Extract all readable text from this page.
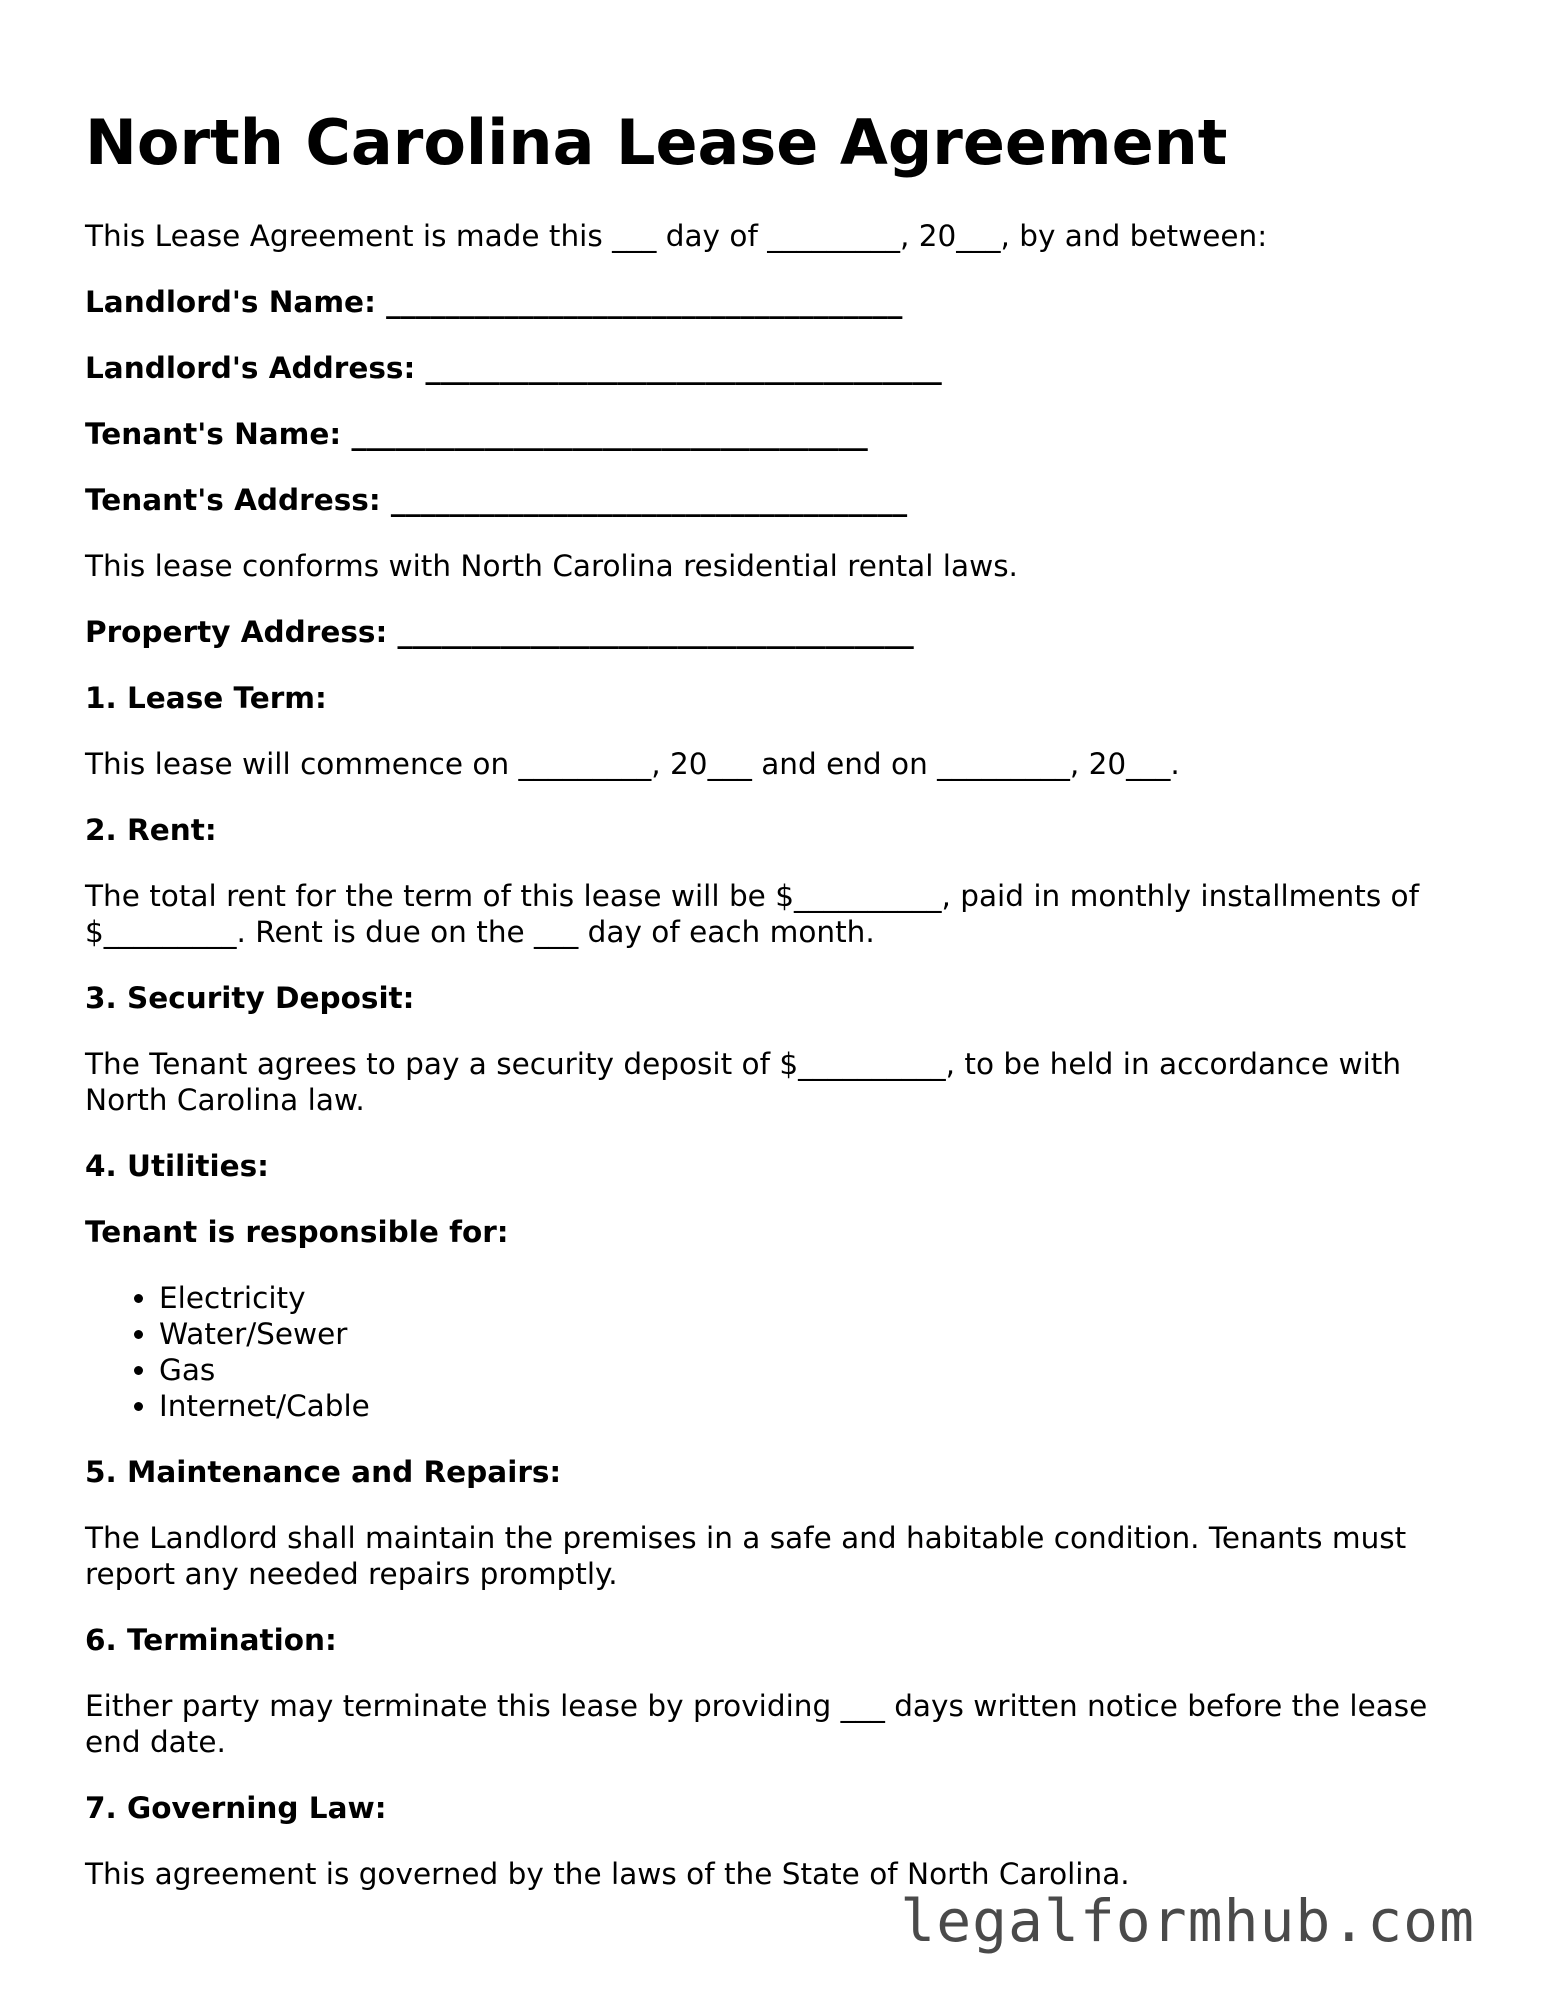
North Carolina Lease Agreement

This Lease Agreement is made this ___ day of _________, 20___, by and between:

Landlord's Name: ___________________________________

Landlord's Address: ___________________________________

Tenant's Name: ___________________________________

Tenant's Address: ___________________________________

This lease conforms with North Carolina residential rental laws.

Property Address: ___________________________________

1. Lease Term:

This lease will commence on _________, 20___ and end on _________, 20___.

2. Rent:

The total rent for the term of this lease will be $__________, paid in monthly installments of $_________. Rent is due on the ___ day of each month.

3. Security Deposit:

The Tenant agrees to pay a security deposit of $__________, to be held in accordance with North Carolina law.

4. Utilities:

Tenant is responsible for:

• Electricity
• Water/Sewer
• Gas
• Internet/Cable

5. Maintenance and Repairs:

The Landlord shall maintain the premises in a safe and habitable condition. Tenants must report any needed repairs promptly.

6. Termination:

Either party may terminate this lease by providing ___ days written notice before the lease end date.

7. Governing Law:

This agreement is governed by the laws of the State of North Carolina.

legalformhub.com
